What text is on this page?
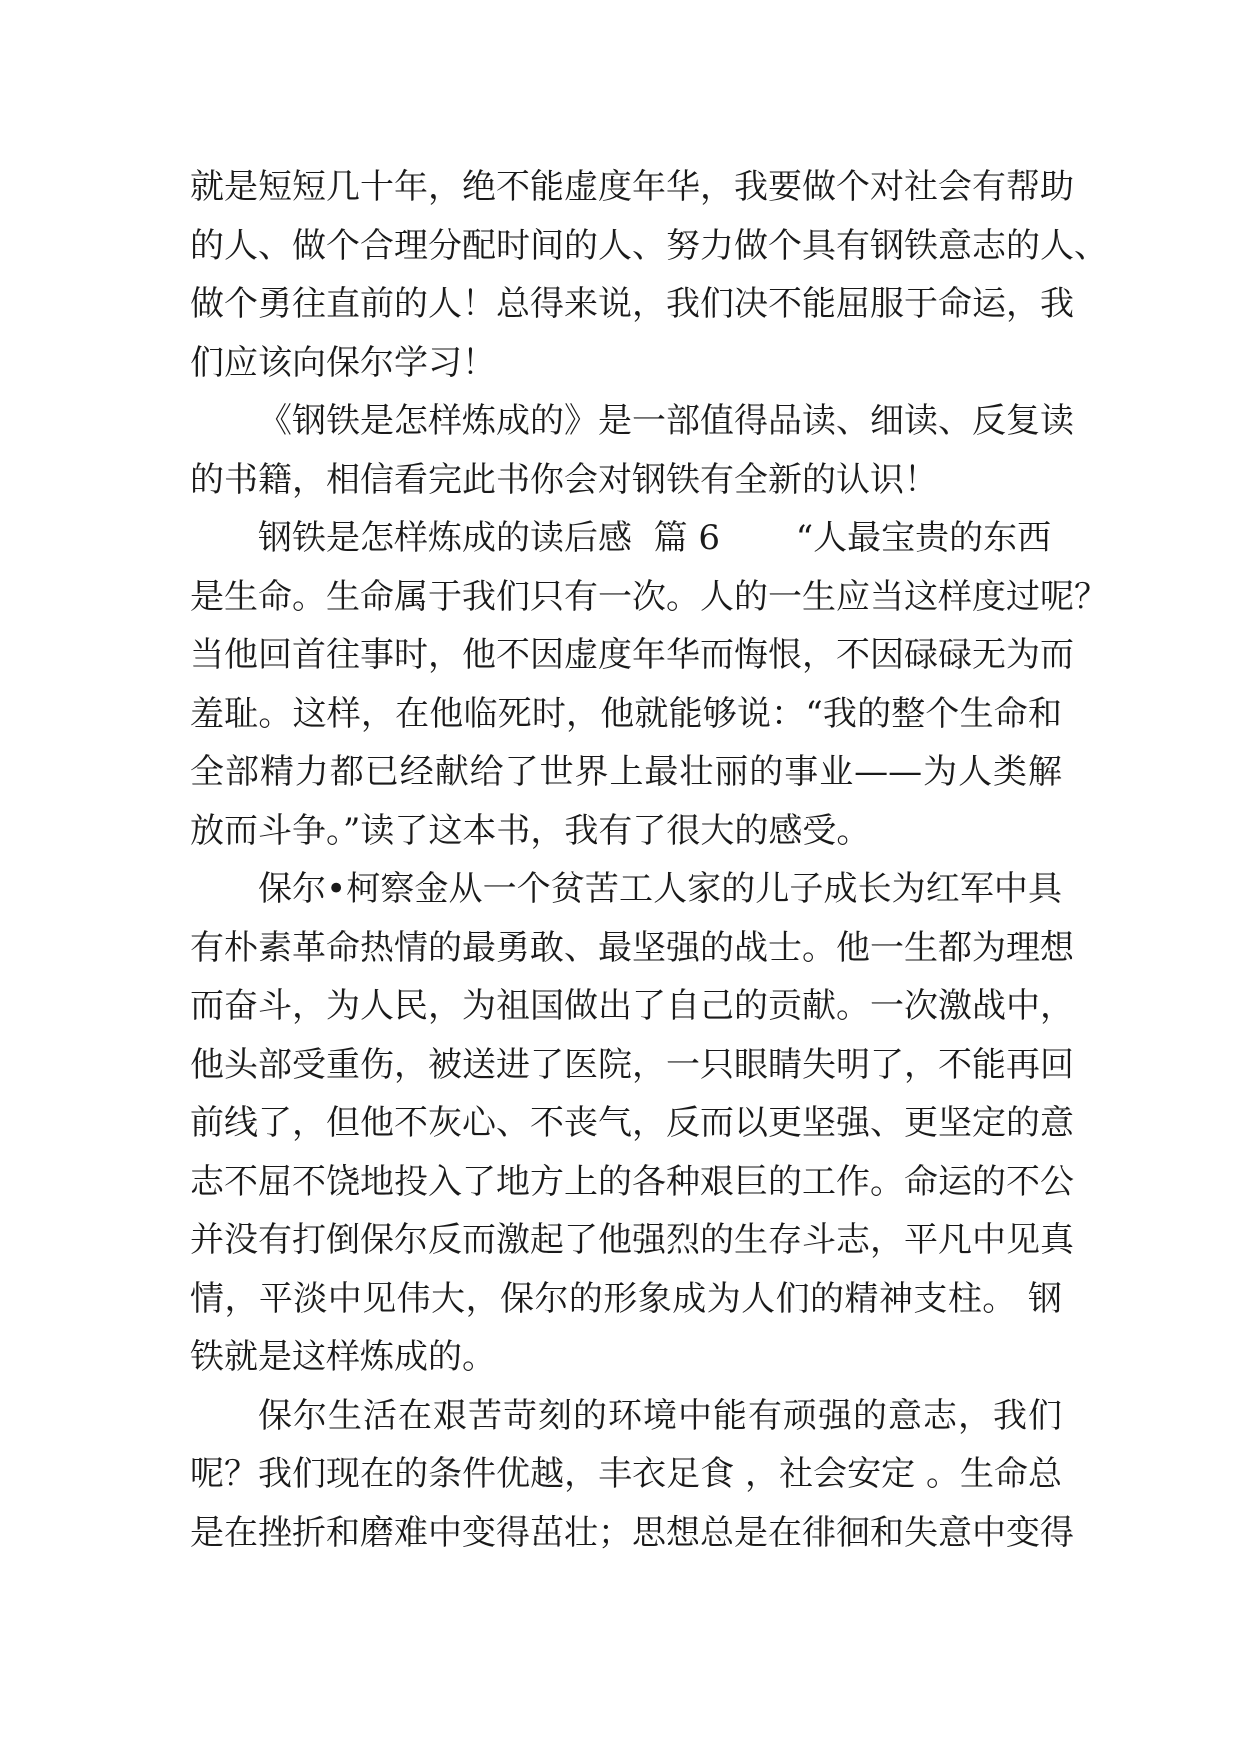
就是短短几十年，绝不能虚度年华，我要做个对社会有帮助
的人、做个合理分配时间的人、努力做个具有钢铁意志的人、
做个勇往直前的人！总得来说，我们决不能屈服于命运，我
们应该向保尔学习！
《钢铁是怎样炼成的》是一部值得品读、细读、反复读
的书籍，相信看完此书你会对钢铁有全新的认识！
钢铁是怎样炼成的读后感  篇 6       “人最宝贵的东西
是生命。生命属于我们只有一次。人的一生应当这样度过呢？
当他回首往事时，他不因虚度年华而悔恨，不因碌碌无为而
羞耻。这样，在他临死时，他就能够说：“我的整个生命和
全部精力都已经献给了世界上最壮丽的事业——为人类解
放而斗争。”读了这本书，我有了很大的感受。
保尔•柯察金从一个贫苦工人家的儿子成长为红军中具
有朴素革命热情的最勇敢、最坚强的战士。他一生都为理想
而奋斗，为人民，为祖国做出了自己的贡献。一次激战中，
他头部受重伤，被送进了医院，一只眼睛失明了，不能再回
前线了，但他不灰心、不丧气，反而以更坚强、更坚定的意
志不屈不饶地投入了地方上的各种艰巨的工作。命运的不公
并没有打倒保尔反而激起了他强烈的生存斗志，平凡中见真
情，平淡中见伟大，保尔的形象成为人们的精神支柱。 钢
铁就是这样炼成的。
保尔生活在艰苦苛刻的环境中能有顽强的意志，我们
呢？我们现在的条件优越，丰衣足食 ，社会安定 。生命总
是在挫折和磨难中变得茁壮；思想总是在徘徊和失意中变得
